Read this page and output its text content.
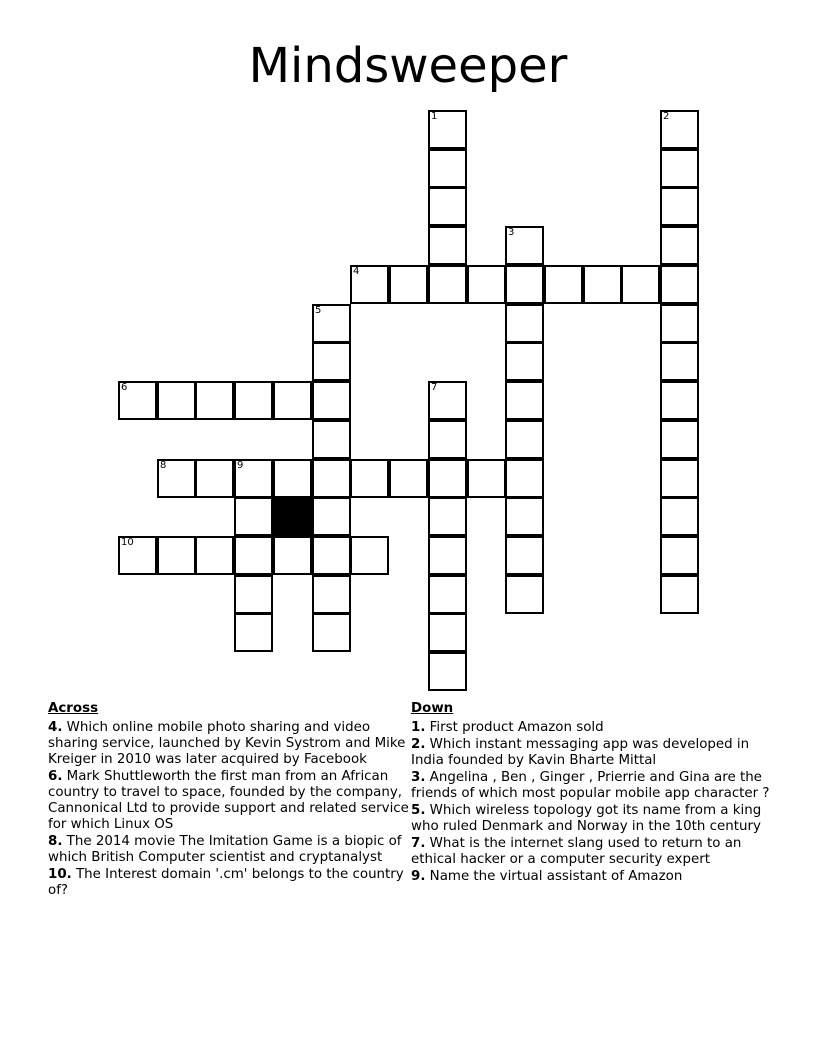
Mindsweeper
4
6
8	9
10
1	2
3
5
7
Across
4. Which online mobile photo sharing and video sharing service, launched by Kevin Systrom and Mike Kreiger in 2010 was later acquired by Facebook
6. Mark Shuttleworth the first man from an African country to travel to space, founded by the company, Cannonical Ltd to provide support and related service for which Linux OS
8. The 2014 movie The Imitation Game is a biopic of which British Computer scientist and cryptanalyst
10. The Interest domain '.cm' belongs to the country of?
Down
1. First product Amazon sold
2. Which instant messaging app was developed in India founded by Kavin Bharte Mittal
3. Angelina , Ben , Ginger , Prierrie and Gina are the friends of which most popular mobile app character ?
5. Which wireless topology got its name from a king who ruled Denmark and Norway in the 10th century
7. What is the internet slang used to return to an ethical hacker or a computer security expert
9. Name the virtual assistant of Amazon
